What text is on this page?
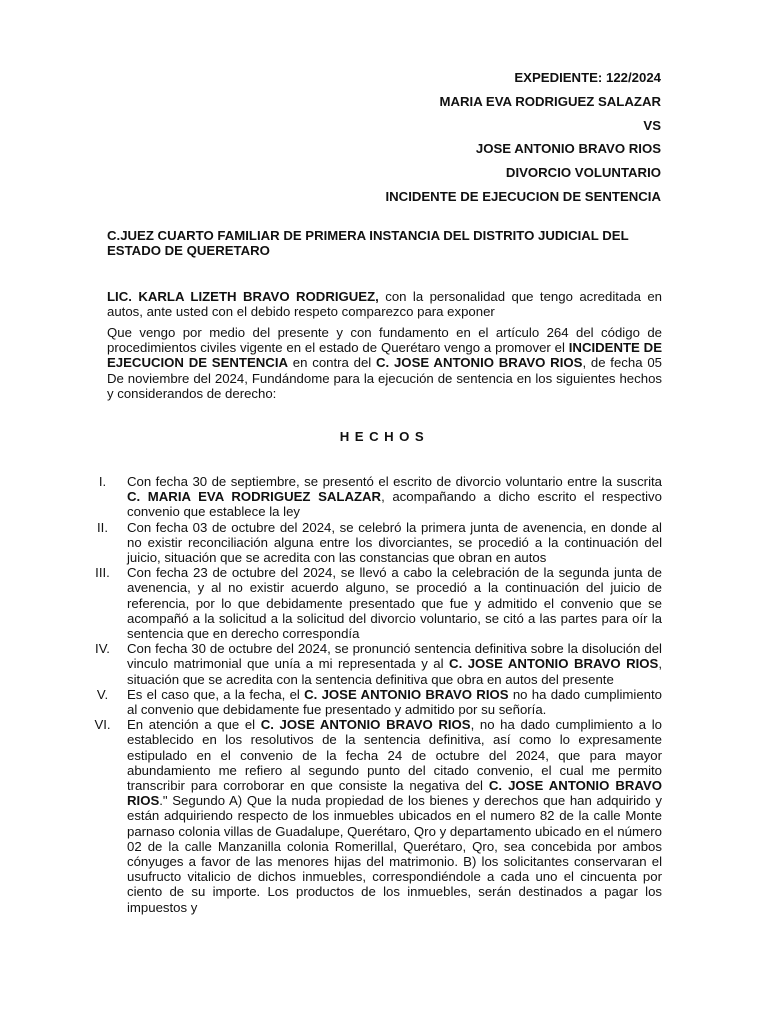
EXPEDIENTE: 122/2024
MARIA EVA RODRIGUEZ SALAZAR
VS
JOSE ANTONIO BRAVO RIOS
DIVORCIO VOLUNTARIO
INCIDENTE DE EJECUCION DE SENTENCIA
C.JUEZ CUARTO FAMILIAR DE PRIMERA INSTANCIA DEL DISTRITO JUDICIAL DEL ESTADO DE QUERETARO
LIC. KARLA LIZETH BRAVO RODRIGUEZ, con la personalidad que tengo acreditada en autos, ante usted con el debido respeto comparezco para exponer
Que vengo por medio del presente y con fundamento en el artículo 264 del código de procedimientos civiles vigente en el estado de Querétaro vengo a promover el INCIDENTE DE EJECUCION DE SENTENCIA en contra del C. JOSE ANTONIO BRAVO RIOS, de fecha 05 De noviembre del 2024, Fundándome para la ejecución de sentencia en los siguientes hechos y considerandos de derecho:
HECHOS
I.	Con fecha 30 de septiembre, se presentó el escrito de divorcio voluntario entre la suscrita C. MARIA EVA RODRIGUEZ SALAZAR, acompañando a dicho escrito el respectivo convenio que establece la ley
II.	Con fecha 03 de octubre del 2024, se celebró la primera junta de avenencia, en donde al no existir reconciliación alguna entre los divorciantes, se procedió a la continuación del juicio, situación que se acredita con las constancias que obran en autos
III.	Con fecha 23 de octubre del 2024, se llevó a cabo la celebración de la segunda junta de avenencia, y al no existir acuerdo alguno, se procedió a la continuación del juicio de referencia, por lo que debidamente presentado que fue y admitido el convenio que se acompañó a la solicitud a la solicitud del divorcio voluntario, se citó a las partes para oír la sentencia que en derecho correspondía
IV.	Con fecha 30 de octubre del 2024, se pronunció sentencia definitiva sobre la disolución del vinculo matrimonial que unía a mi representada y al C. JOSE ANTONIO BRAVO RIOS, situación que se acredita con la sentencia definitiva que obra en autos del presente
V.	Es el caso que, a la fecha, el C. JOSE ANTONIO BRAVO RIOS no ha dado cumplimiento al convenio que debidamente fue presentado y admitido por su señoría.
VI.	En atención a que el C. JOSE ANTONIO BRAVO RIOS, no ha dado cumplimiento a lo establecido en los resolutivos de la sentencia definitiva, así como lo expresamente estipulado en el convenio de la fecha 24 de octubre del 2024, que para mayor abundamiento me refiero al segundo punto del citado convenio, el cual me permito transcribir para corroborar en que consiste la negativa del C. JOSE ANTONIO BRAVO RIOS." Segundo A) Que la nuda propiedad de los bienes y derechos que han adquirido y están adquiriendo respecto de los inmuebles ubicados en el numero 82 de la calle Monte parnaso colonia villas de Guadalupe, Querétaro, Qro y departamento ubicado en el número 02 de la calle Manzanilla colonia Romerillal, Querétaro, Qro, sea concebida por ambos cónyuges a favor de las menores hijas del matrimonio. B) los solicitantes conservaran el usufructo vitalicio de dichos inmuebles, correspondiéndole a cada uno el cincuenta por ciento de su importe. Los productos de los inmuebles, serán destinados a pagar los impuestos y
